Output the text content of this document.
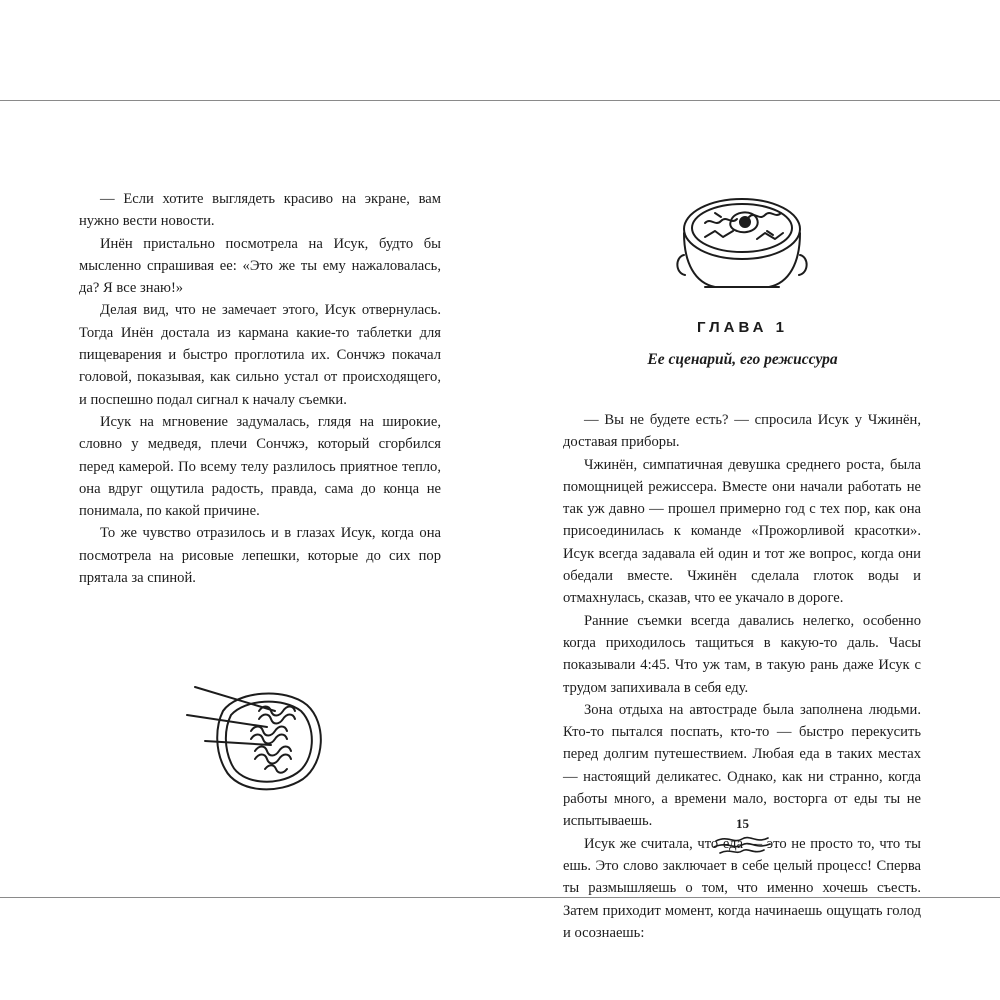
— Если хотите выглядеть красиво на экране, вам нужно вести новости.

Инён пристально посмотрела на Исук, будто бы мысленно спрашивая ее: «Это же ты ему нажаловалась, да? Я все знаю!»

Делая вид, что не замечает этого, Исук отвернулась. Тогда Инён достала из кармана какие-то таблетки для пищеварения и быстро проглотила их. Сончжэ покачал головой, показывая, как сильно устал от происходящего, и поспешно подал сигнал к началу съемки.

Исук на мгновение задумалась, глядя на широкие, словно у медведя, плечи Сончжэ, который сгорбился перед камерой. По всему телу разлилось приятное тепло, она вдруг ощутила радость, правда, сама до конца не понимала, по какой причине.

То же чувство отразилось и в глазах Исук, когда она посмотрела на рисовые лепешки, которые до сих пор прятала за спиной.

ГЛАВА 1

Ее сценарий, его режиссура

— Вы не будете есть? — спросила Исук у Чжинён, доставая приборы.

Чжинён, симпатичная девушка среднего роста, была помощницей режиссера. Вместе они начали работать не так уж давно — прошел примерно год с тех пор, как она присоединилась к команде «Прожорливой красотки». Исук всегда задавала ей один и тот же вопрос, когда они обедали вместе. Чжинён сделала глоток воды и отмахнулась, сказав, что ее укачало в дороге.

Ранние съемки всегда давались нелегко, особенно когда приходилось тащиться в какую-то даль. Часы показывали 4:45. Что уж там, в такую рань даже Исук с трудом запихивала в себя еду.

Зона отдыха на автостраде была заполнена людьми. Кто-то пытался поспать, кто-то — быстро перекусить перед долгим путешествием. Любая еда в таких местах — настоящий деликатес. Однако, как ни странно, когда работы много, а времени мало, восторга от еды ты не испытываешь.

Исук же считала, что еда — это не просто то, что ты ешь. Это слово заключает в себе целый процесс! Сперва ты размышляешь о том, что именно хочешь съесть. Затем приходит момент, когда начинаешь ощущать голод и осознаешь:

15
